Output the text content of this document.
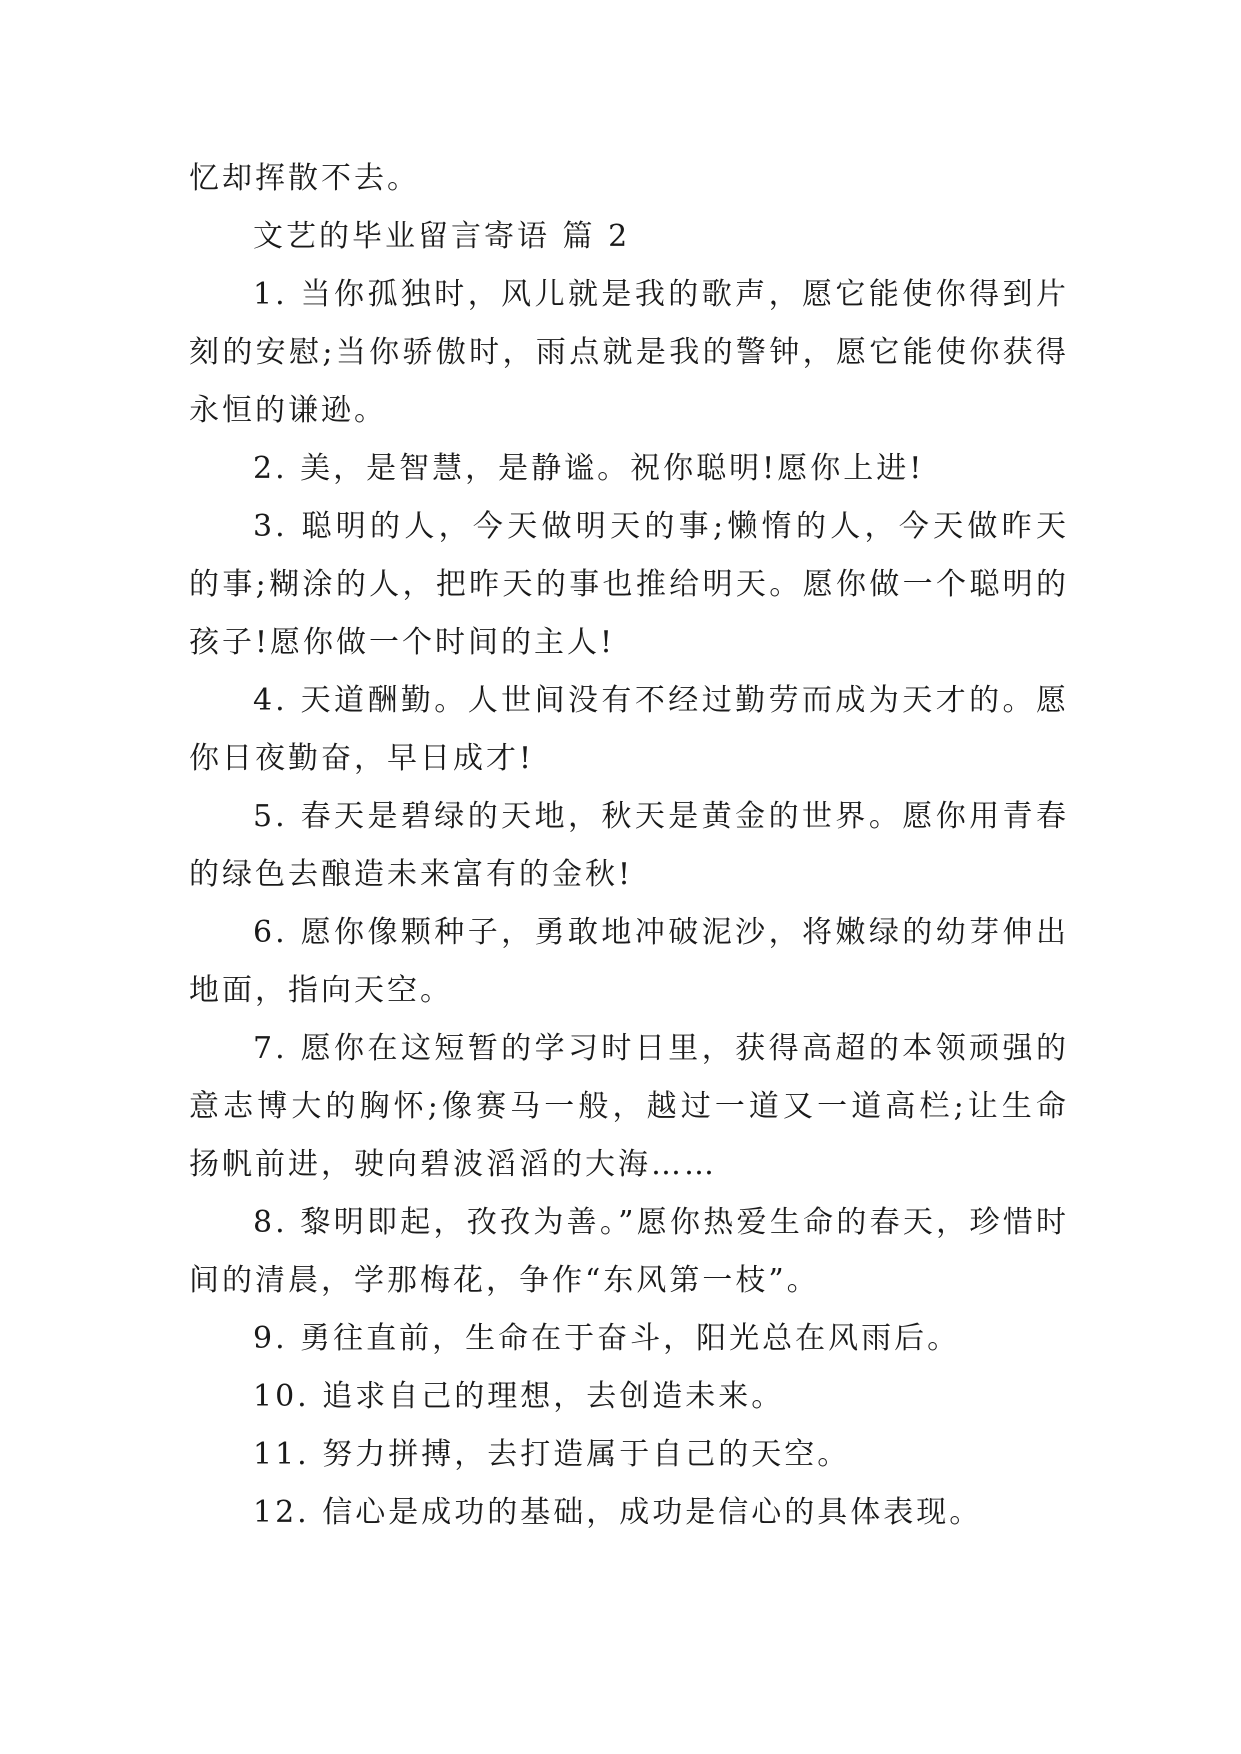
忆却挥散不去。

文艺的毕业留言寄语 篇 2

1. 当你孤独时，风儿就是我的歌声，愿它能使你得到片刻的安慰;当你骄傲时，雨点就是我的警钟，愿它能使你获得永恒的谦逊。

2. 美，是智慧，是静谧。祝你聪明!愿你上进!

3. 聪明的人，今天做明天的事;懒惰的人，今天做昨天的事;糊涂的人，把昨天的事也推给明天。愿你做一个聪明的孩子!愿你做一个时间的主人!

4. 天道酬勤。人世间没有不经过勤劳而成为天才的。愿你日夜勤奋，早日成才!

5. 春天是碧绿的天地，秋天是黄金的世界。愿你用青春的绿色去酿造未来富有的金秋!

6. 愿你像颗种子，勇敢地冲破泥沙，将嫩绿的幼芽伸出地面，指向天空。

7. 愿你在这短暂的学习时日里，获得高超的本领顽强的意志博大的胸怀;像赛马一般，越过一道又一道高栏;让生命扬帆前进，驶向碧波滔滔的大海……

8. 黎明即起，孜孜为善。”愿你热爱生命的春天，珍惜时间的清晨，学那梅花，争作“东风第一枝”。

9. 勇往直前，生命在于奋斗，阳光总在风雨后。

10. 追求自己的理想，去创造未来。

11. 努力拼搏，去打造属于自己的天空。

12. 信心是成功的基础，成功是信心的具体表现。
